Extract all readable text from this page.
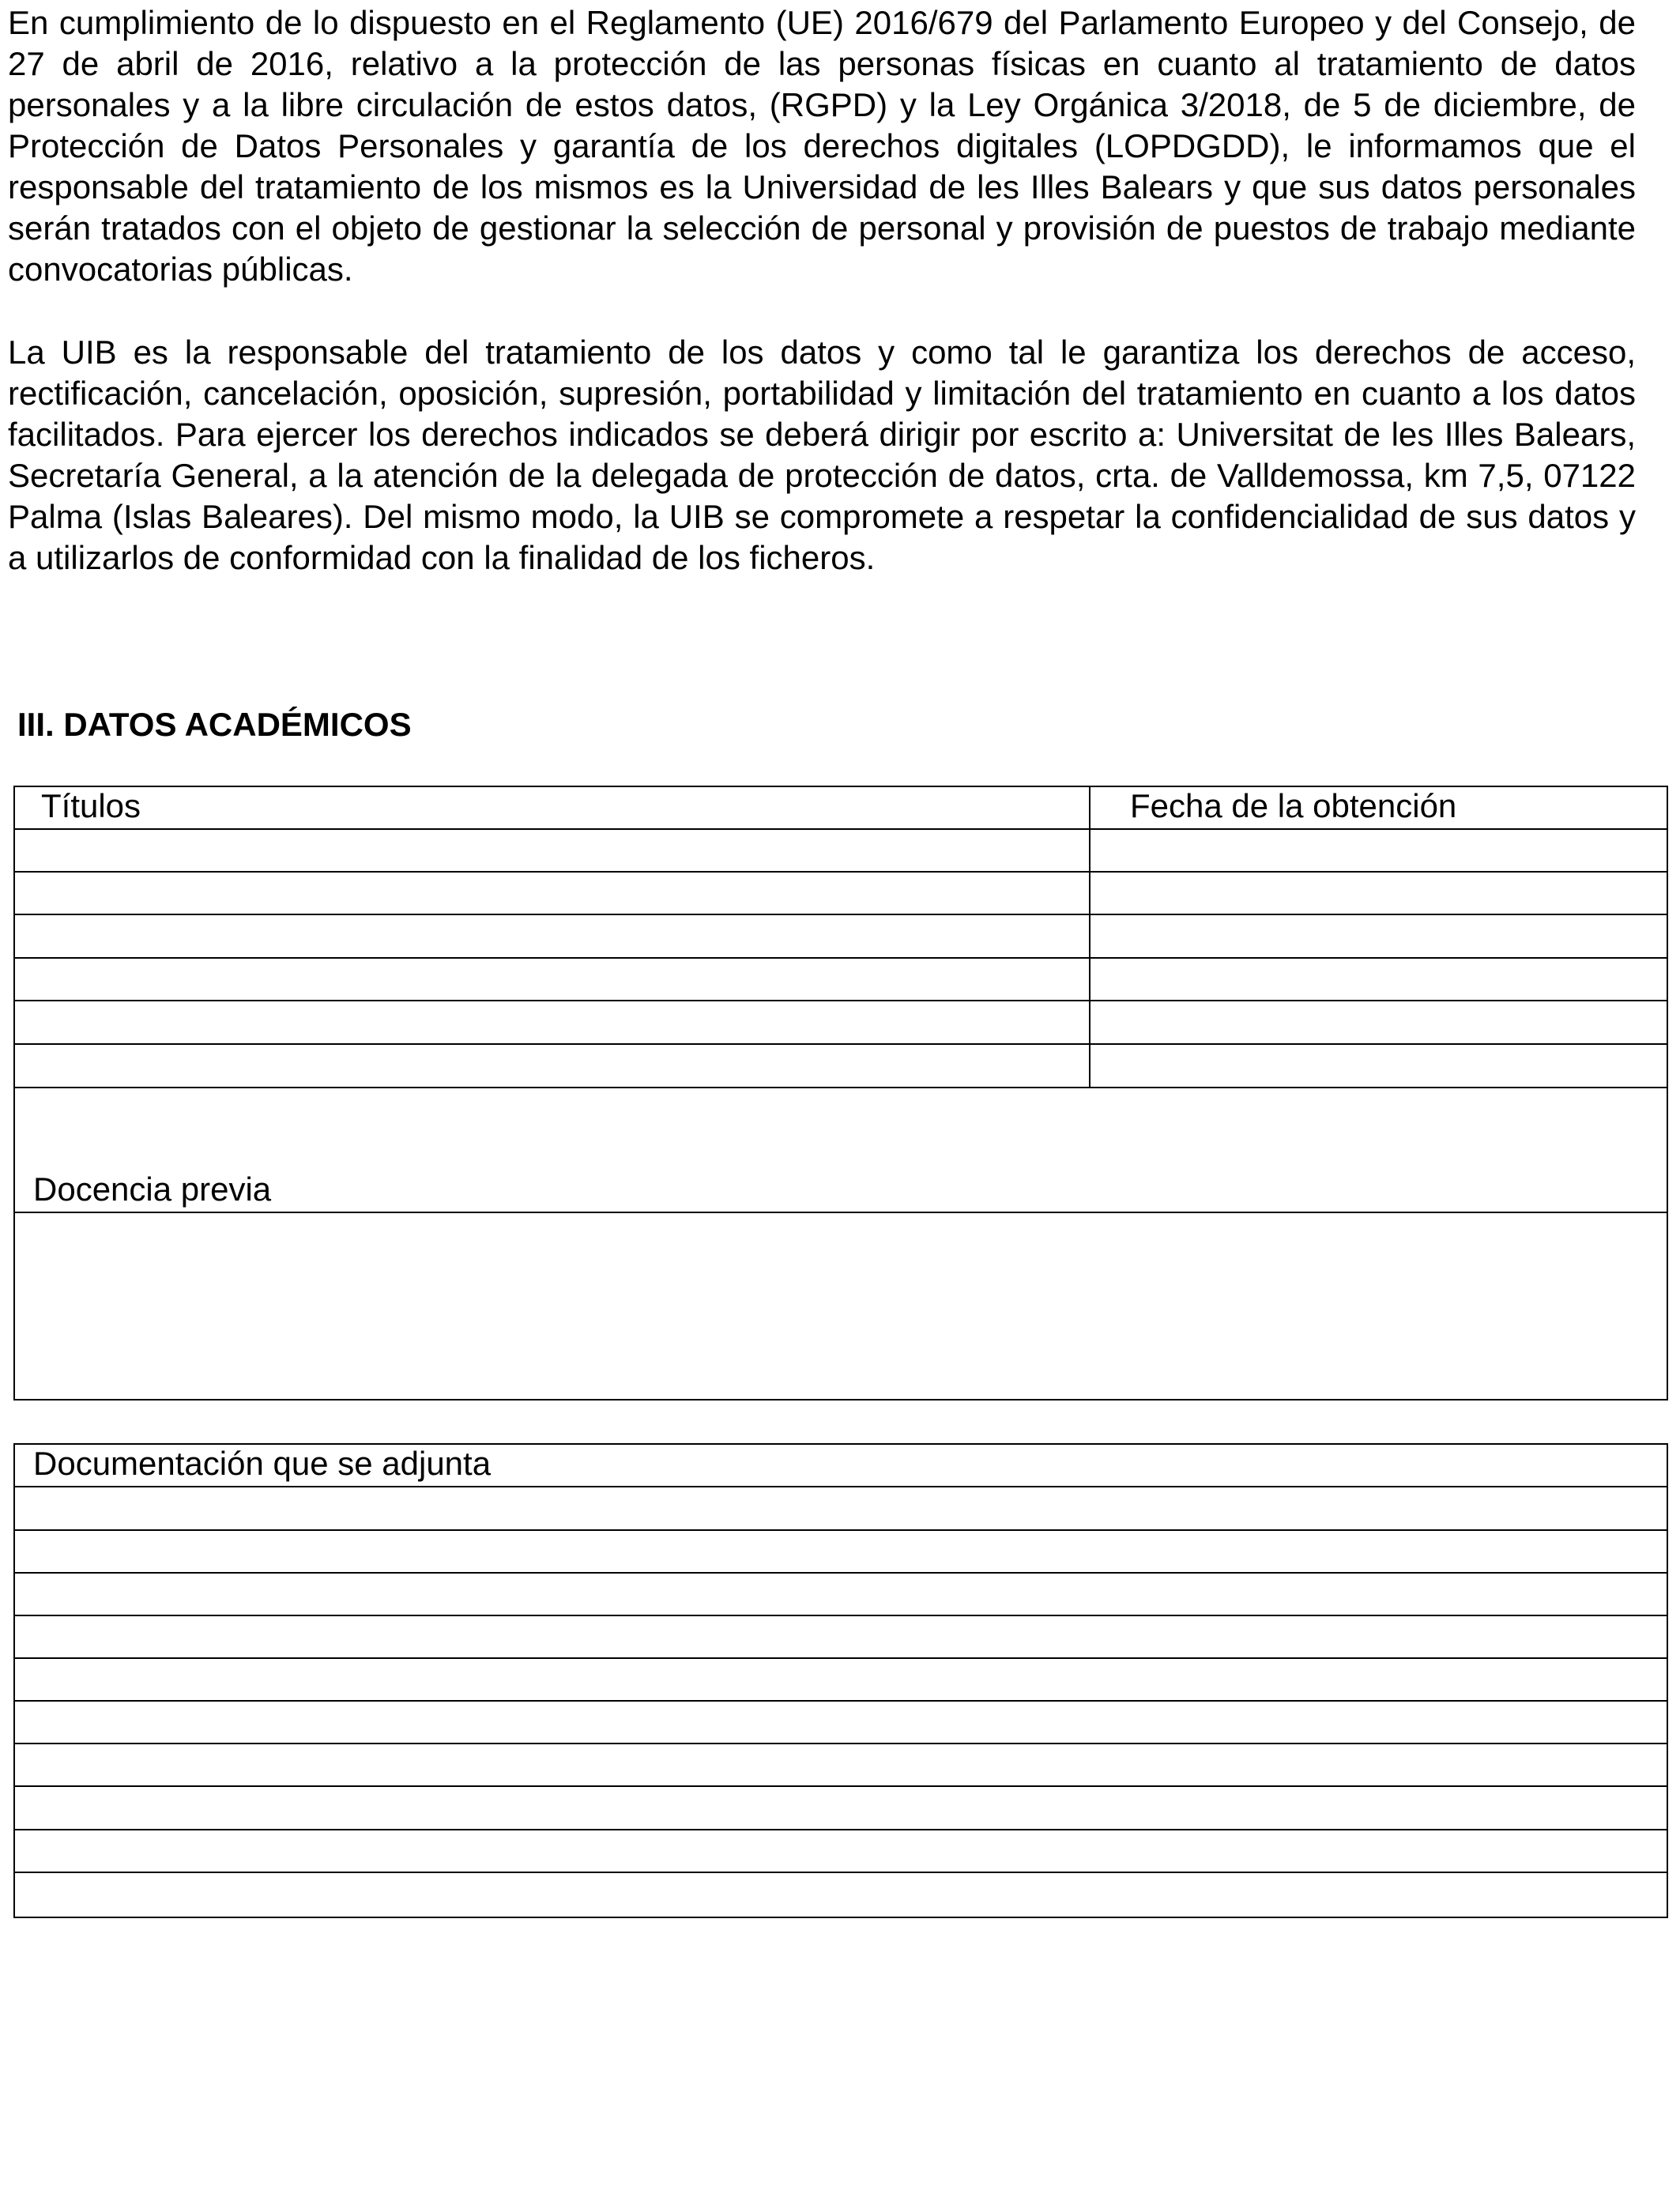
En cumplimiento de lo dispuesto en el Reglamento (UE) 2016/679 del Parlamento Europeo y del Consejo, de 27 de abril de 2016, relativo a la protección de las personas físicas en cuanto al tratamiento de datos personales y a la libre circulación de estos datos, (RGPD) y la Ley Orgánica 3/2018, de 5 de diciembre, de Protección de Datos Personales y garantía de los derechos digitales (LOPDGDD), le informamos que el responsable del tratamiento de los mismos es la Universidad de les Illes Balears y que sus datos personales serán tratados con el objeto de gestionar la selección de personal y provisión de puestos de trabajo mediante convocatorias públicas.

La UIB es la responsable del tratamiento de los datos y como tal le garantiza los derechos de acceso, rectificación, cancelación, oposición, supresión, portabilidad y limitación del tratamiento en cuanto a los datos facilitados. Para ejercer los derechos indicados se deberá dirigir por escrito a: Universitat de les Illes Balears, Secretaría General, a la atención de la delegada de protección de datos, crta. de Valldemossa, km 7,5, 07122 Palma (Islas Baleares). Del mismo modo, la UIB se compromete a respetar la confidencialidad de sus datos y a utilizarlos de conformidad con la finalidad de los ficheros.

III. DATOS ACADÉMICOS
Títulos	Fecha de la obtención
Docencia previa
Documentación que se adjunta
